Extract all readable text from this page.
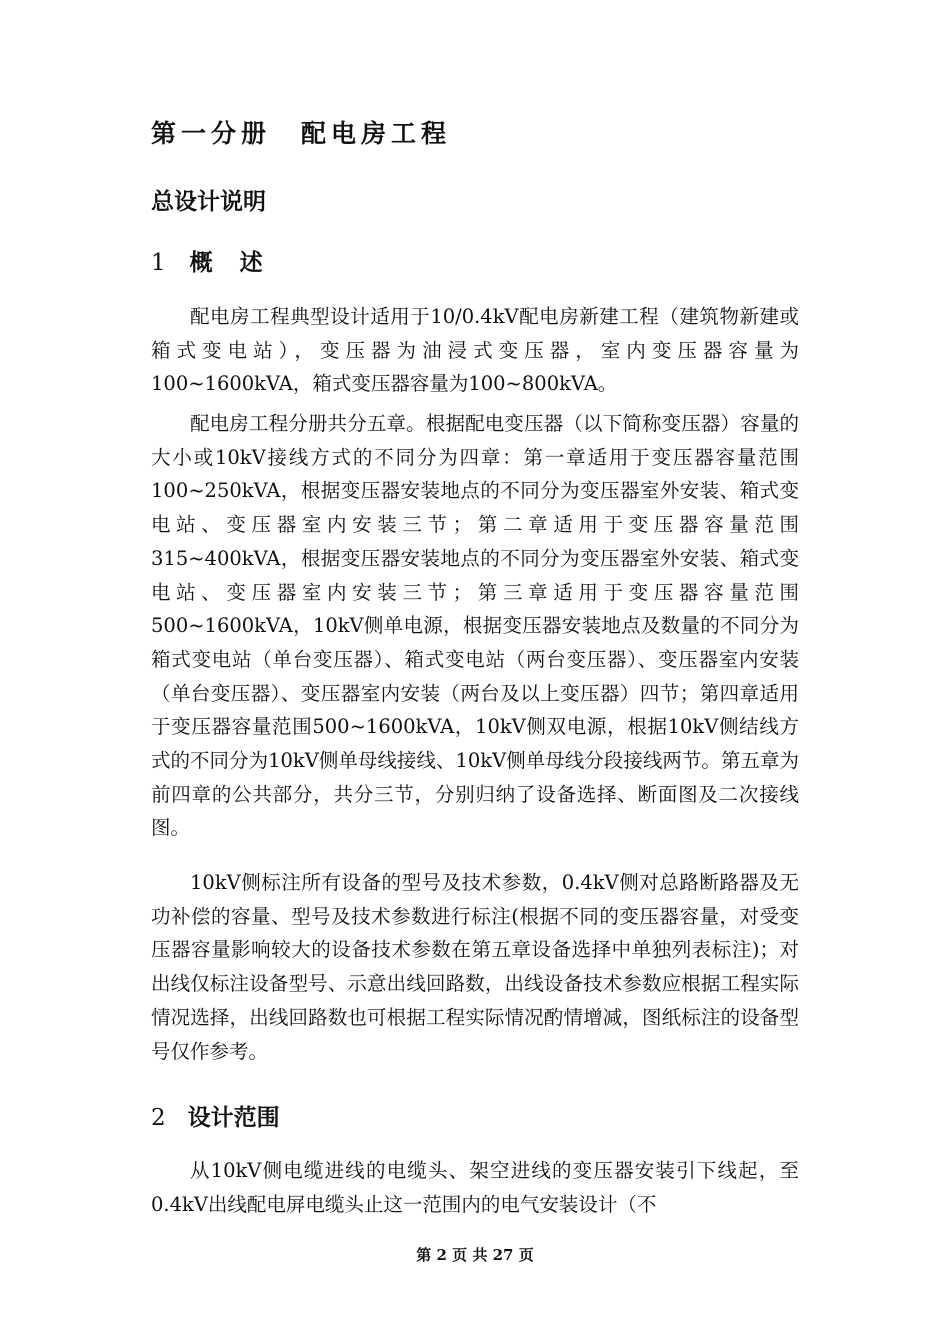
第一分册　配电房工程
总设计说明
1 概　述

配电房工程典型设计适用于10/0.4kV配电房新建工程（建筑物新建或箱式变电站），变压器为油浸式变压器，室内变压器容量为100~1600kVA，箱式变压器容量为100~800kVA。

配电房工程分册共分五章。根据配电变压器（以下简称变压器）容量的大小或10kV接线方式的不同分为四章：第一章适用于变压器容量范围100~250kVA，根据变压器安装地点的不同分为变压器室外安装、箱式变电站、变压器室内安装三节；第二章适用于变压器容量范围315~400kVA，根据变压器安装地点的不同分为变压器室外安装、箱式变电站、变压器室内安装三节；第三章适用于变压器容量范围500~1600kVA，10kV侧单电源，根据变压器安装地点及数量的不同分为箱式变电站（单台变压器）、箱式变电站（两台变压器）、变压器室内安装（单台变压器）、变压器室内安装（两台及以上变压器）四节；第四章适用于变压器容量范围500~1600kVA，10kV侧双电源，根据10kV侧结线方式的不同分为10kV侧单母线接线、10kV侧单母线分段接线两节。第五章为前四章的公共部分，共分三节，分别归纳了设备选择、断面图及二次接线图。

10kV侧标注所有设备的型号及技术参数，0.4kV侧对总路断路器及无功补偿的容量、型号及技术参数进行标注(根据不同的变压器容量，对受变压器容量影响较大的设备技术参数在第五章设备选择中单独列表标注)；对出线仅标注设备型号、示意出线回路数，出线设备技术参数应根据工程实际情况选择，出线回路数也可根据工程实际情况酌情增减，图纸标注的设备型号仅作参考。

2 设计范围

从10kV侧电缆进线的电缆头、架空进线的变压器安装引下线起，至0.4kV出线配电屏电缆头止这一范围内的电气安装设计（不

第 2 页 共 27 页
